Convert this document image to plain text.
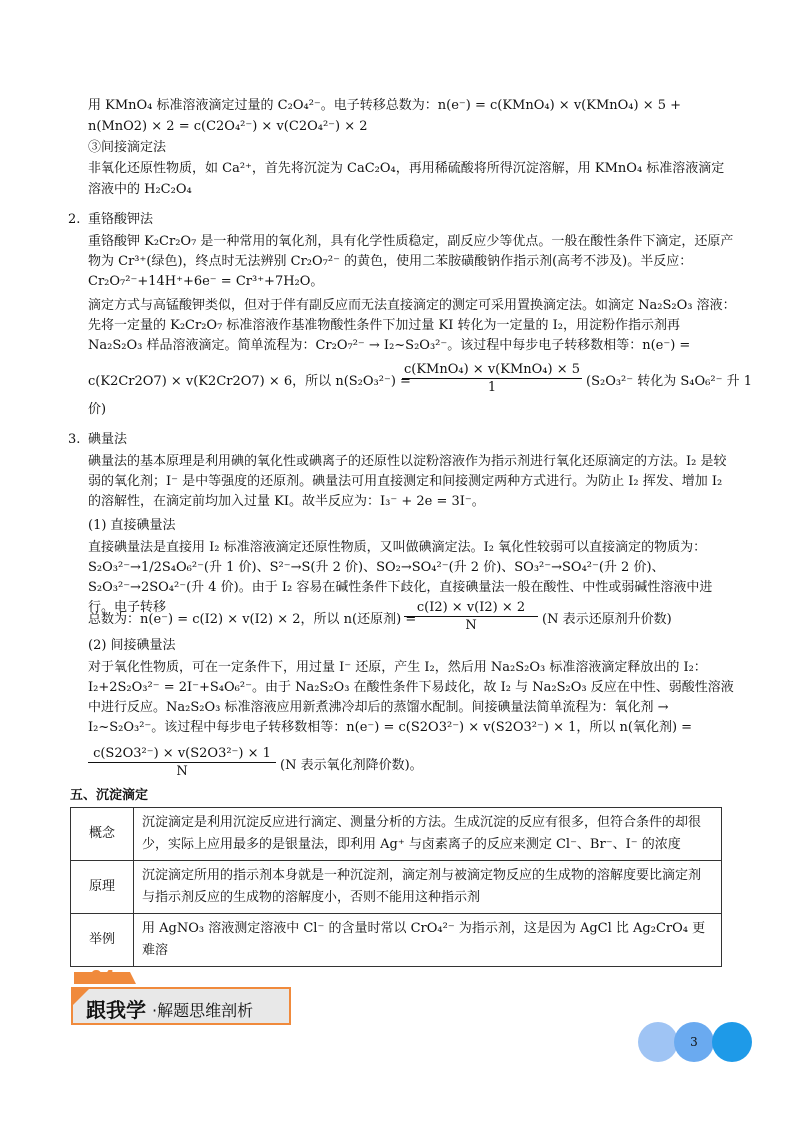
用 KMnO₄ 标准溶液滴定过量的 C₂O₄²⁻。电子转移总数为：n(e⁻) = c(KMnO₄) × v(KMnO₄) × 5 +
n(MnO2) × 2 = c(C2O₄²⁻) × v(C2O₄²⁻) × 2
③间接滴定法
非氧化还原性物质，如 Ca²⁺，首先将沉淀为 CaC₂O₄，再用稀硫酸将所得沉淀溶解，用 KMnO₄ 标准溶液滴定
溶液中的 H₂C₂O₄
2. 重铬酸钾法
重铬酸钾 K₂Cr₂O₇ 是一种常用的氧化剂，具有化学性质稳定，副反应少等优点。一般在酸性条件下滴定，还原产物为 Cr³⁺(绿色)，终点时无法辨别 Cr₂O₇²⁻ 的黄色，使用二苯胺磺酸钠作指示剂(高考不涉及)。半反应：Cr₂O₇²⁻+14H⁺+6e⁻ = Cr³⁺+7H₂O。
滴定方式与高锰酸钾类似，但对于伴有副反应而无法直接滴定的测定可采用置换滴定法。如滴定 Na₂S₂O₃ 溶液：先将一定量的 K₂Cr₂O₇ 标准溶液作基准物酸性条件下加过量 KI 转化为一定量的 I₂，用淀粉作指示剂再 Na₂S₂O₃ 样品溶液滴定。简单流程为：Cr₂O₇²⁻ → I₂~S₂O₃²⁻。该过程中每步电子转移数相等：n(e⁻) =
c(K2Cr2O7) × v(K2Cr2O7) × 6，所以 n(S₂O₃²⁻) =
c(KMnO₄) × v(KMnO₄) × 5
1	(S₂O₃²⁻ 转化为 S₄O₆²⁻ 升 1
价)
3. 碘量法
碘量法的基本原理是利用碘的氧化性或碘离子的还原性以淀粉溶液作为指示剂进行氧化还原滴定的方法。I₂ 是较弱的氧化剂；I⁻ 是中等强度的还原剂。碘量法可用直接测定和间接测定两种方式进行。为防止 I₂ 挥发、增加 I₂ 的溶解性，在滴定前均加入过量 KI。故半反应为：I₃⁻ + 2e = 3I⁻。
(1) 直接碘量法
直接碘量法是直接用 I₂ 标准溶液滴定还原性物质，又叫做碘滴定法。I₂ 氧化性较弱可以直接滴定的物质为：S₂O₃²⁻→1/2S₄O₆²⁻(升 1 价)、S²⁻→S(升 2 价)、SO₂→SO₄²⁻(升 2 价)、SO₃²⁻→SO₄²⁻(升 2 价)、S₂O₃²⁻→2SO₄²⁻(升 4 价)。由于 I₂ 容易在碱性条件下歧化，直接碘量法一般在酸性、中性或弱碱性溶液中进行。电子转移
总数为：n(e⁻) = c(I2) × v(I2) × 2，所以 n(还原剂) =
c(I2) × v(I2) × 2
N	(N 表示还原剂升价数)
(2) 间接碘量法
对于氧化性物质，可在一定条件下，用过量 I⁻ 还原，产生 I₂，然后用 Na₂S₂O₃ 标准溶液滴定释放出的 I₂：I₂+2S₂O₃²⁻ = 2I⁻+S₄O₆²⁻。由于 Na₂S₂O₃ 在酸性条件下易歧化，故 I₂ 与 Na₂S₂O₃ 反应在中性、弱酸性溶液中进行反应。Na₂S₂O₃ 标准溶液应用新煮沸冷却后的蒸馏水配制。间接碘量法简单流程为：氧化剂 → I₂~S₂O₃²⁻。该过程中每步电子转移数相等：n(e⁻) = c(S2O3²⁻) × v(S2O3²⁻) × 1，所以 n(氧化剂) =
c(S2O3²⁻) × v(S2O3²⁻) × 1
N	(N 表示氧化剂降价数)。
五、沉淀滴定
概念	沉淀滴定是利用沉淀反应进行滴定、测量分析的方法。生成沉淀的反应有很多，但符合条件的却很少，实际上应用最多的是银量法，即利用 Ag⁺ 与卤素离子的反应来测定 Cl⁻、Br⁻、I⁻ 的浓度
原理	沉淀滴定所用的指示剂本身就是一种沉淀剂，滴定剂与被滴定物反应的生成物的溶解度要比滴定剂与指示剂反应的生成物的溶解度小，否则不能用这种指示剂
举例	用 AgNO₃ 溶液测定溶液中 Cl⁻ 的含量时常以 CrO₄²⁻ 为指示剂，这是因为 AgCl 比 Ag₂CrO₄ 更难溶
04
跟我学 ·解题思维剖析
3
